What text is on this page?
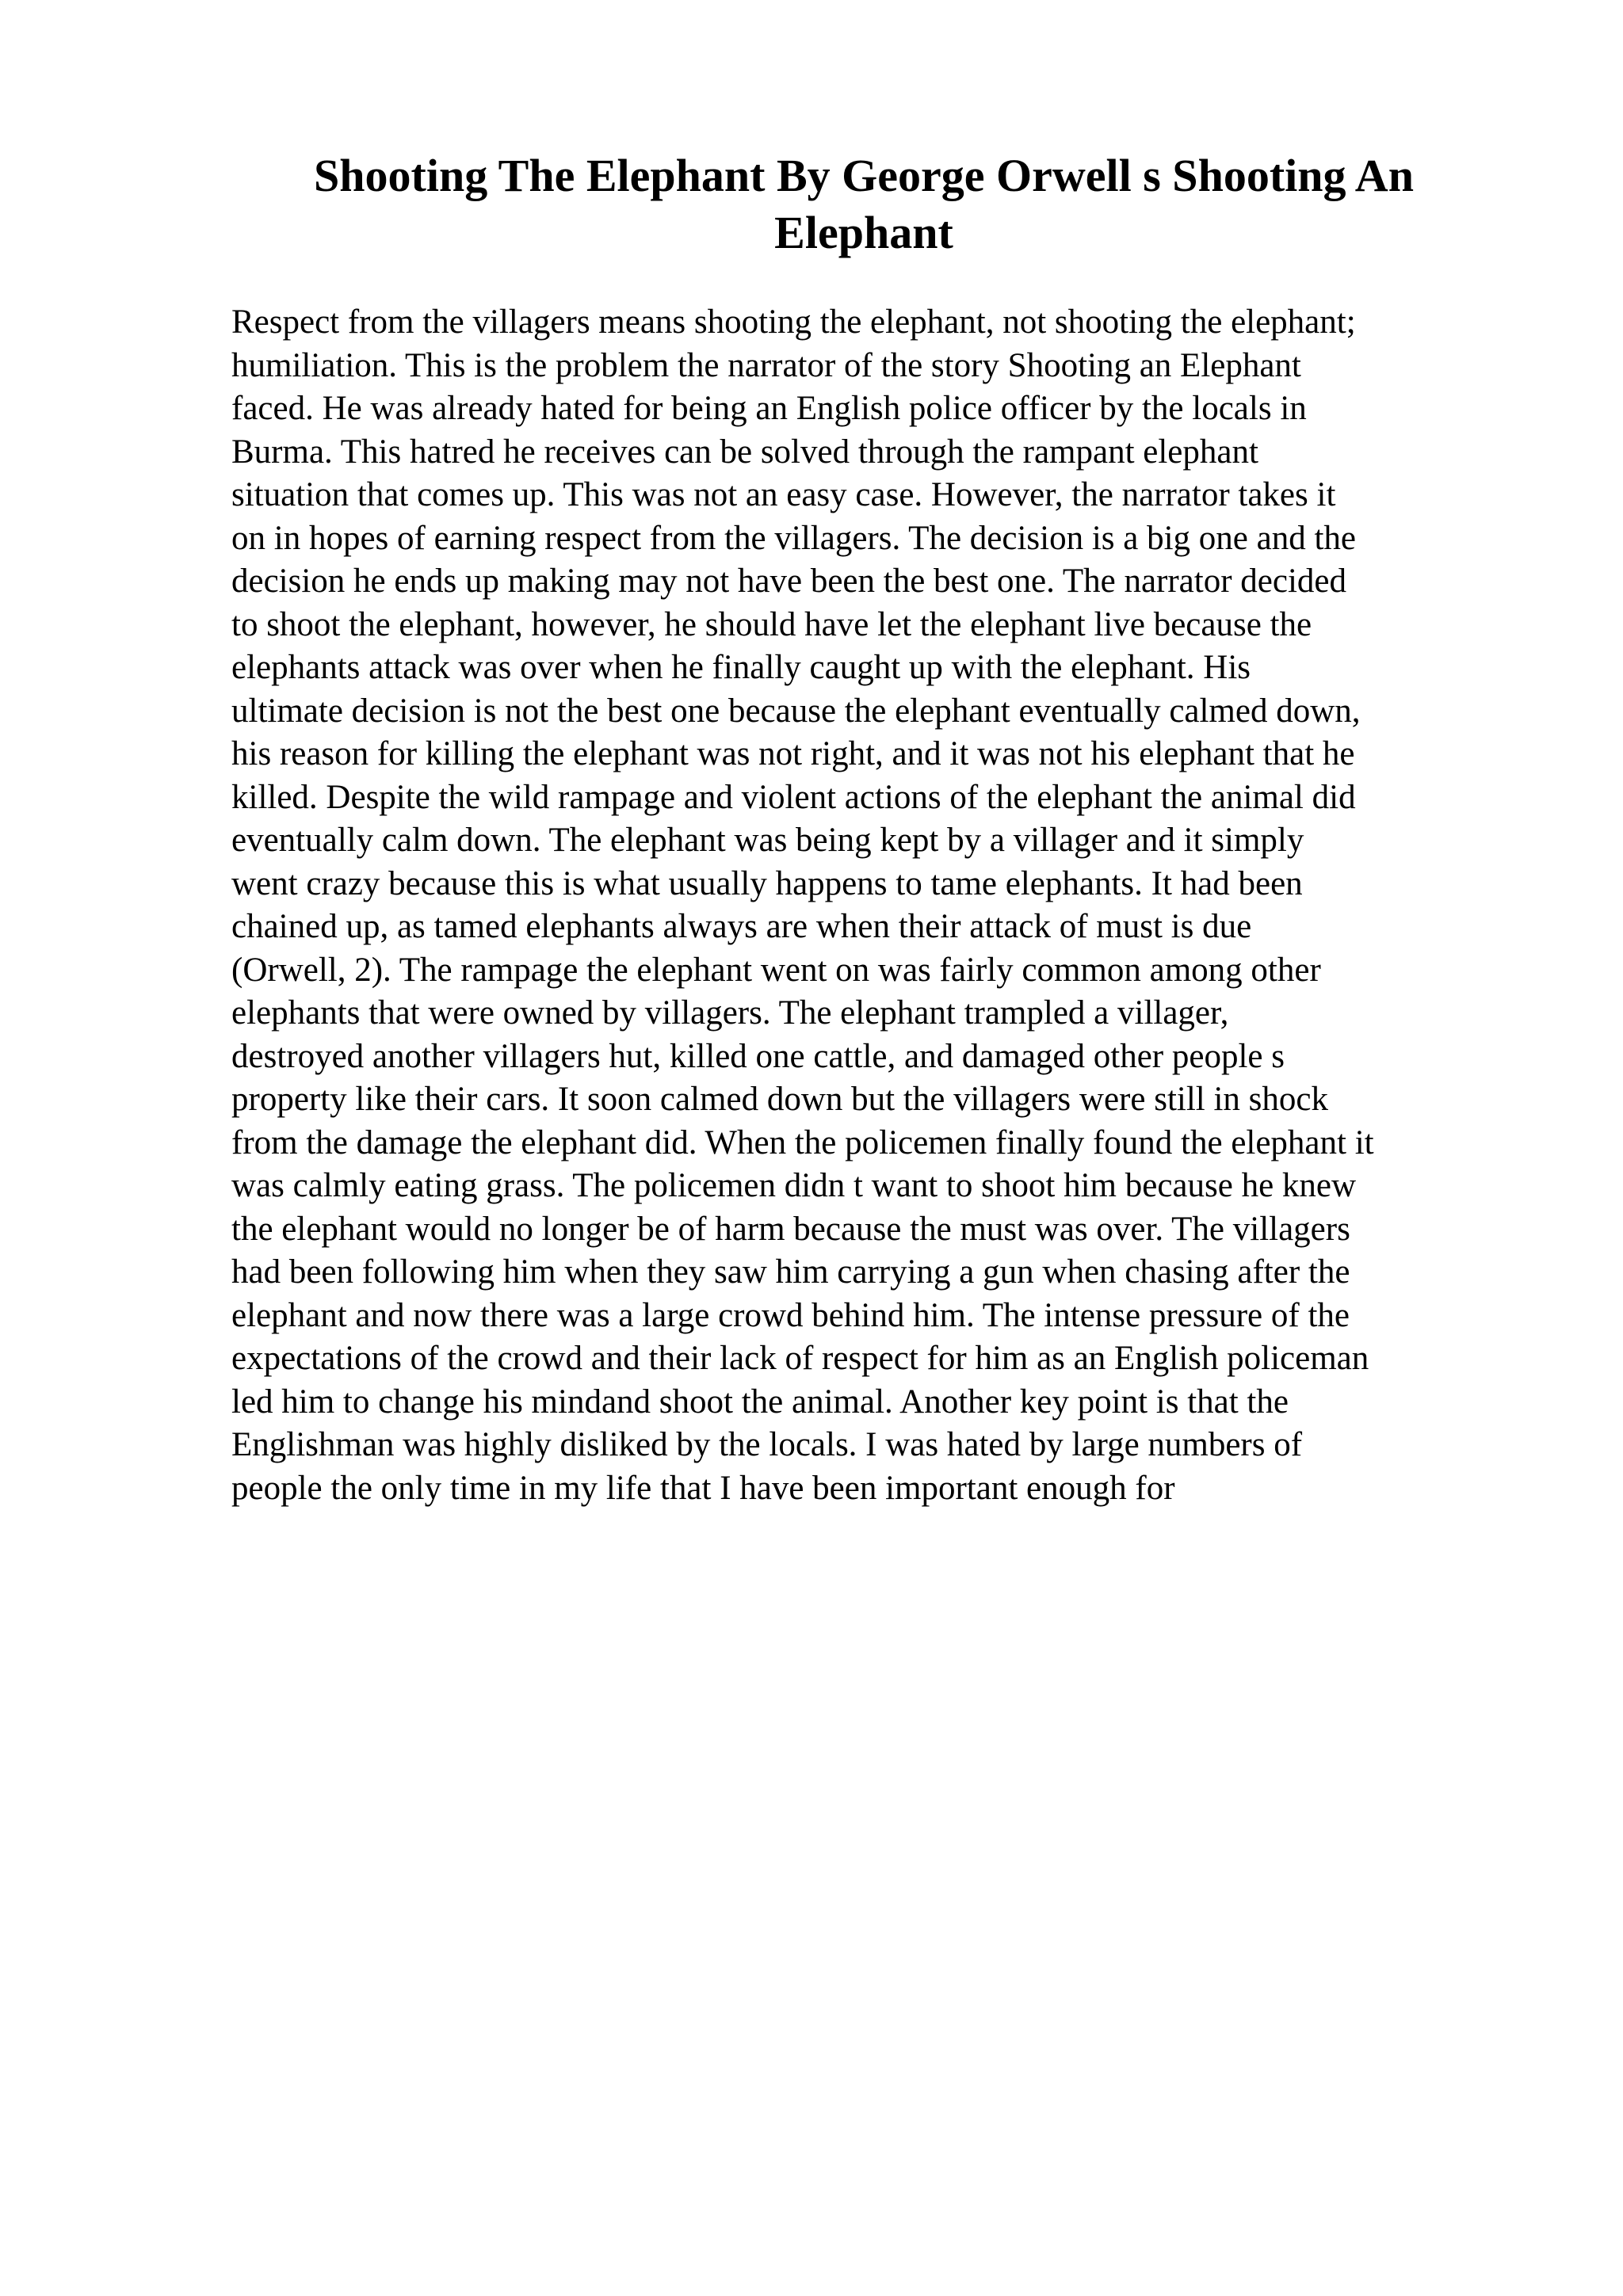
Shooting The Elephant By George Orwell s Shooting An
Elephant
Respect from the villagers means shooting the elephant, not shooting the elephant;
humiliation. This is the problem the narrator of the story Shooting an Elephant
faced. He was already hated for being an English police officer by the locals in
Burma. This hatred he receives can be solved through the rampant elephant
situation that comes up. This was not an easy case. However, the narrator takes it
on in hopes of earning respect from the villagers. The decision is a big one and the
decision he ends up making may not have been the best one. The narrator decided
to shoot the elephant, however, he should have let the elephant live because the
elephants attack was over when he finally caught up with the elephant. His
ultimate decision is not the best one because the elephant eventually calmed down,
his reason for killing the elephant was not right, and it was not his elephant that he
killed. Despite the wild rampage and violent actions of the elephant the animal did
eventually calm down. The elephant was being kept by a villager and it simply
went crazy because this is what usually happens to tame elephants. It had been
chained up, as tamed elephants always are when their attack of must is due
(Orwell, 2). The rampage the elephant went on was fairly common among other
elephants that were owned by villagers. The elephant trampled a villager,
destroyed another villagers hut, killed one cattle, and damaged other people s
property like their cars. It soon calmed down but the villagers were still in shock
from the damage the elephant did. When the policemen finally found the elephant it
was calmly eating grass. The policemen didn t want to shoot him because he knew
the elephant would no longer be of harm because the must was over. The villagers
had been following him when they saw him carrying a gun when chasing after the
elephant and now there was a large crowd behind him. The intense pressure of the
expectations of the crowd and their lack of respect for him as an English policeman
led him to change his mindand shoot the animal. Another key point is that the
Englishman was highly disliked by the locals. I was hated by large numbers of
people the only time in my life that I have been important enough for
